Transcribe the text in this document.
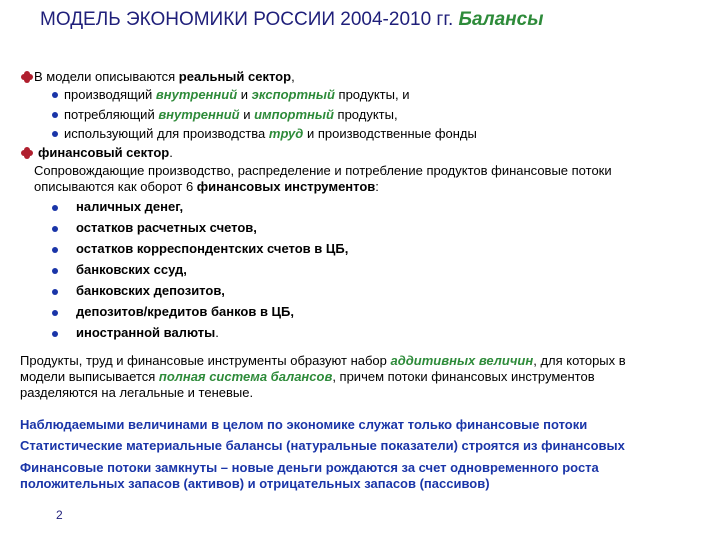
МОДЕЛЬ ЭКОНОМИКИ РОССИИ 2004-2010 гг. Балансы
В модели описываются реальный сектор,
производящий внутренний и экспортный продукты, и
потребляющий внутренний и импортный продукты,
использующий для производства труд и производственные фонды
финансовый сектор.
Сопровождающие производство, распределение и потребление продуктов финансовые потоки
описываются как оборот 6 финансовых инструментов:
наличных денег,
остатков расчетных счетов,
остатков корреспондентских счетов в ЦБ,
банковских ссуд,
банковских депозитов,
депозитов/кредитов банков в ЦБ,
иностранной валюты.
Продукты, труд и финансовые инструменты образуют набор аддитивных величин, для которых в
модели выписывается полная система балансов, причем потоки финансовых инструментов
разделяются на легальные и теневые.
Наблюдаемыми величинами в целом по экономике служат только финансовые потоки
Статистические материальные балансы (натуральные показатели) строятся из финансовых
Финансовые потоки замкнуты – новые деньги рождаются за счет одновременного роста
положительных запасов (активов) и отрицательных запасов (пассивов)
2
